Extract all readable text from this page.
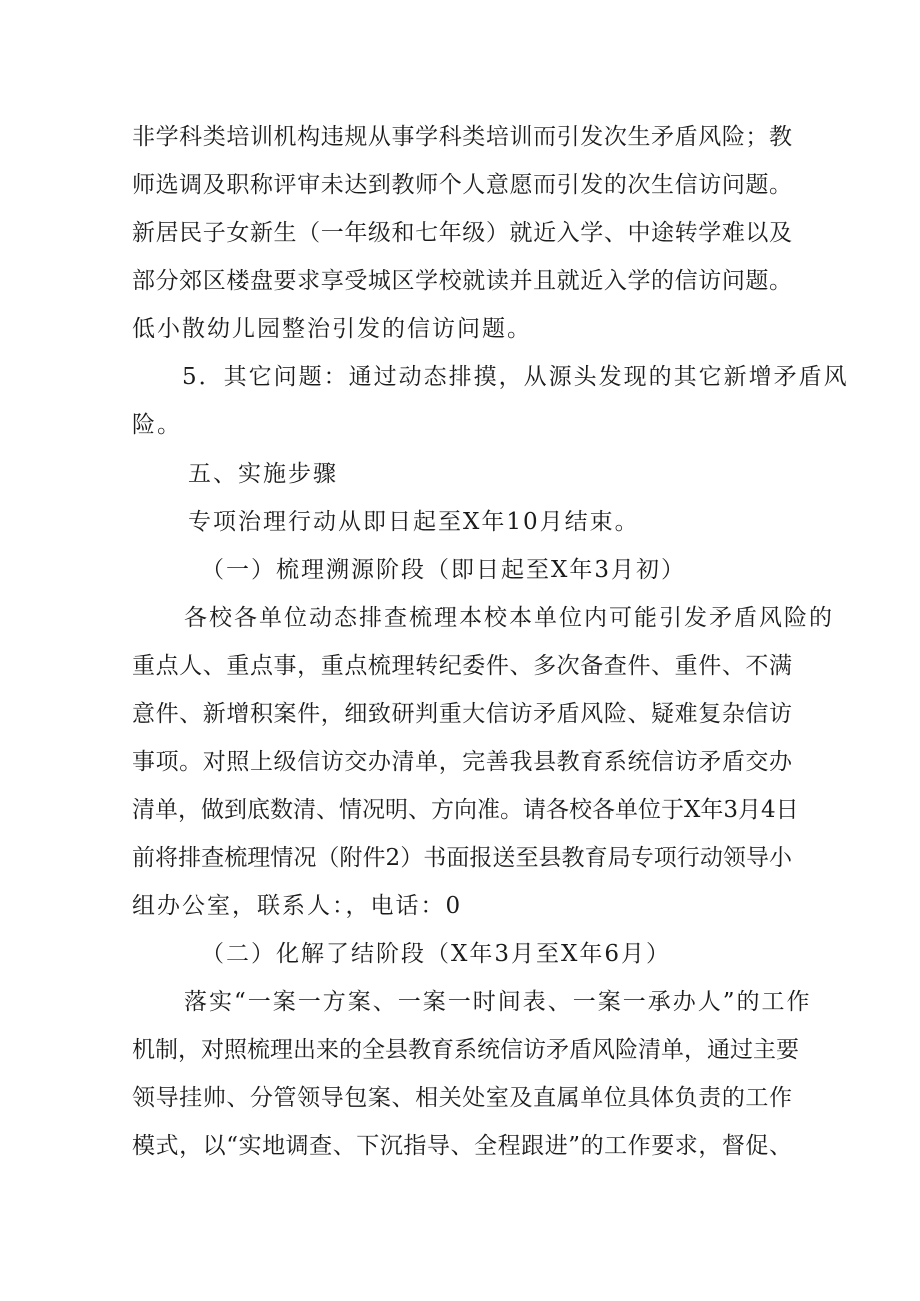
非学科类培训机构违规从事学科类培训而引发次生矛盾风险；教
师选调及职称评审未达到教师个人意愿而引发的次生信访问题。
新居民子女新生（一年级和七年级）就近入学、中途转学难以及
部分郊区楼盘要求享受城区学校就读并且就近入学的信访问题。
低小散幼儿园整治引发的信访问题。
5．其它问题：通过动态排摸，从源头发现的其它新增矛盾风
险。
五、实施步骤
专项治理行动从即日起至X年10月结束。
（一）梳理溯源阶段（即日起至X年3月初）
各校各单位动态排查梳理本校本单位内可能引发矛盾风险的
重点人、重点事，重点梳理转纪委件、多次备查件、重件、不满
意件、新增积案件，细致研判重大信访矛盾风险、疑难复杂信访
事项。对照上级信访交办清单，完善我县教育系统信访矛盾交办
清单，做到底数清、情况明、方向准。请各校各单位于X年3月4日
前将排查梳理情况（附件2）书面报送至县教育局专项行动领导小
组办公室，联系人：，电话：0
（二）化解了结阶段（X年3月至X年6月）
落实“一案一方案、一案一时间表、一案一承办人”的工作
机制，对照梳理出来的全县教育系统信访矛盾风险清单，通过主要
领导挂帅、分管领导包案、相关处室及直属单位具体负责的工作
模式，以“实地调查、下沉指导、全程跟进”的工作要求，督促、
